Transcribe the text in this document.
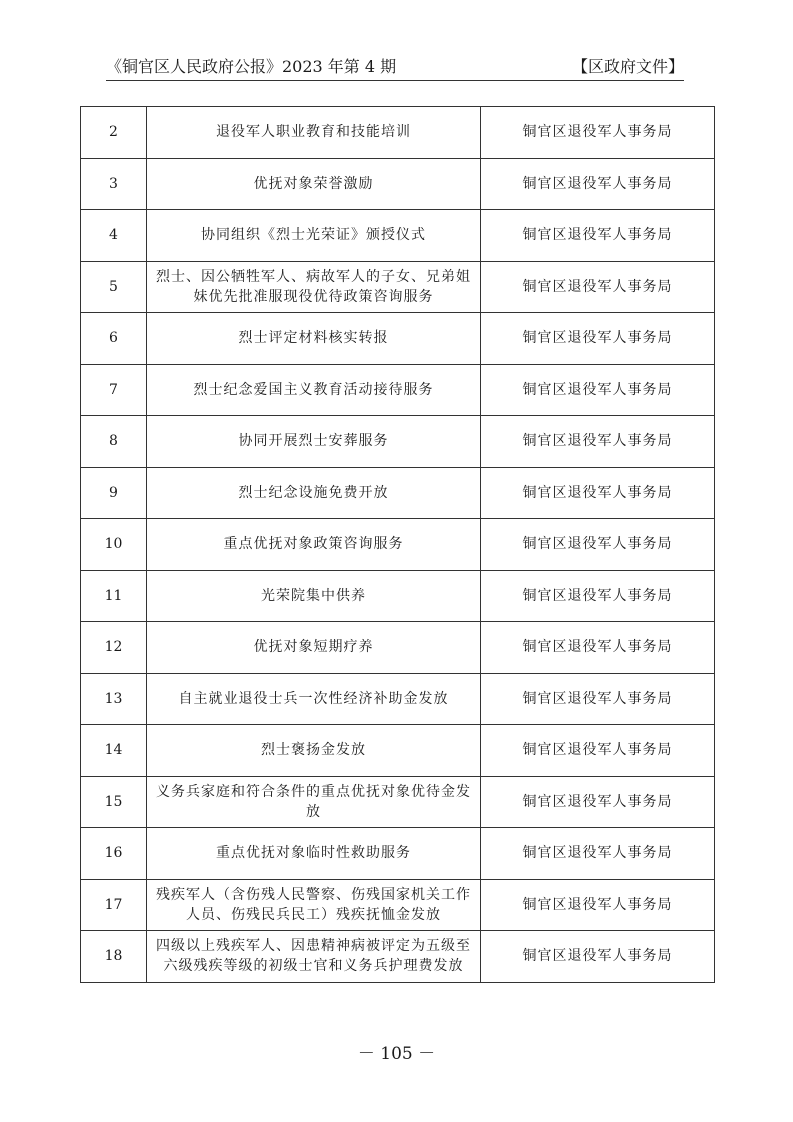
《铜官区人民政府公报》2023 年第 4 期	【区政府文件】
2	退役军人职业教育和技能培训	铜官区退役军人事务局
3	优抚对象荣誉激励	铜官区退役军人事务局
4	协同组织《烈士光荣证》颁授仪式	铜官区退役军人事务局
5	烈士、因公牺牲军人、病故军人的子女、兄弟姐妹优先批准服现役优待政策咨询服务	铜官区退役军人事务局
6	烈士评定材料核实转报	铜官区退役军人事务局
7	烈士纪念爱国主义教育活动接待服务	铜官区退役军人事务局
8	协同开展烈士安葬服务	铜官区退役军人事务局
9	烈士纪念设施免费开放	铜官区退役军人事务局
10	重点优抚对象政策咨询服务	铜官区退役军人事务局
11	光荣院集中供养	铜官区退役军人事务局
12	优抚对象短期疗养	铜官区退役军人事务局
13	自主就业退役士兵一次性经济补助金发放	铜官区退役军人事务局
14	烈士褒扬金发放	铜官区退役军人事务局
15	义务兵家庭和符合条件的重点优抚对象优待金发放	铜官区退役军人事务局
16	重点优抚对象临时性救助服务	铜官区退役军人事务局
17	残疾军人（含伤残人民警察、伤残国家机关工作人员、伤残民兵民工）残疾抚恤金发放	铜官区退役军人事务局
18	四级以上残疾军人、因患精神病被评定为五级至六级残疾等级的初级士官和义务兵护理费发放	铜官区退役军人事务局
－ 105 －
